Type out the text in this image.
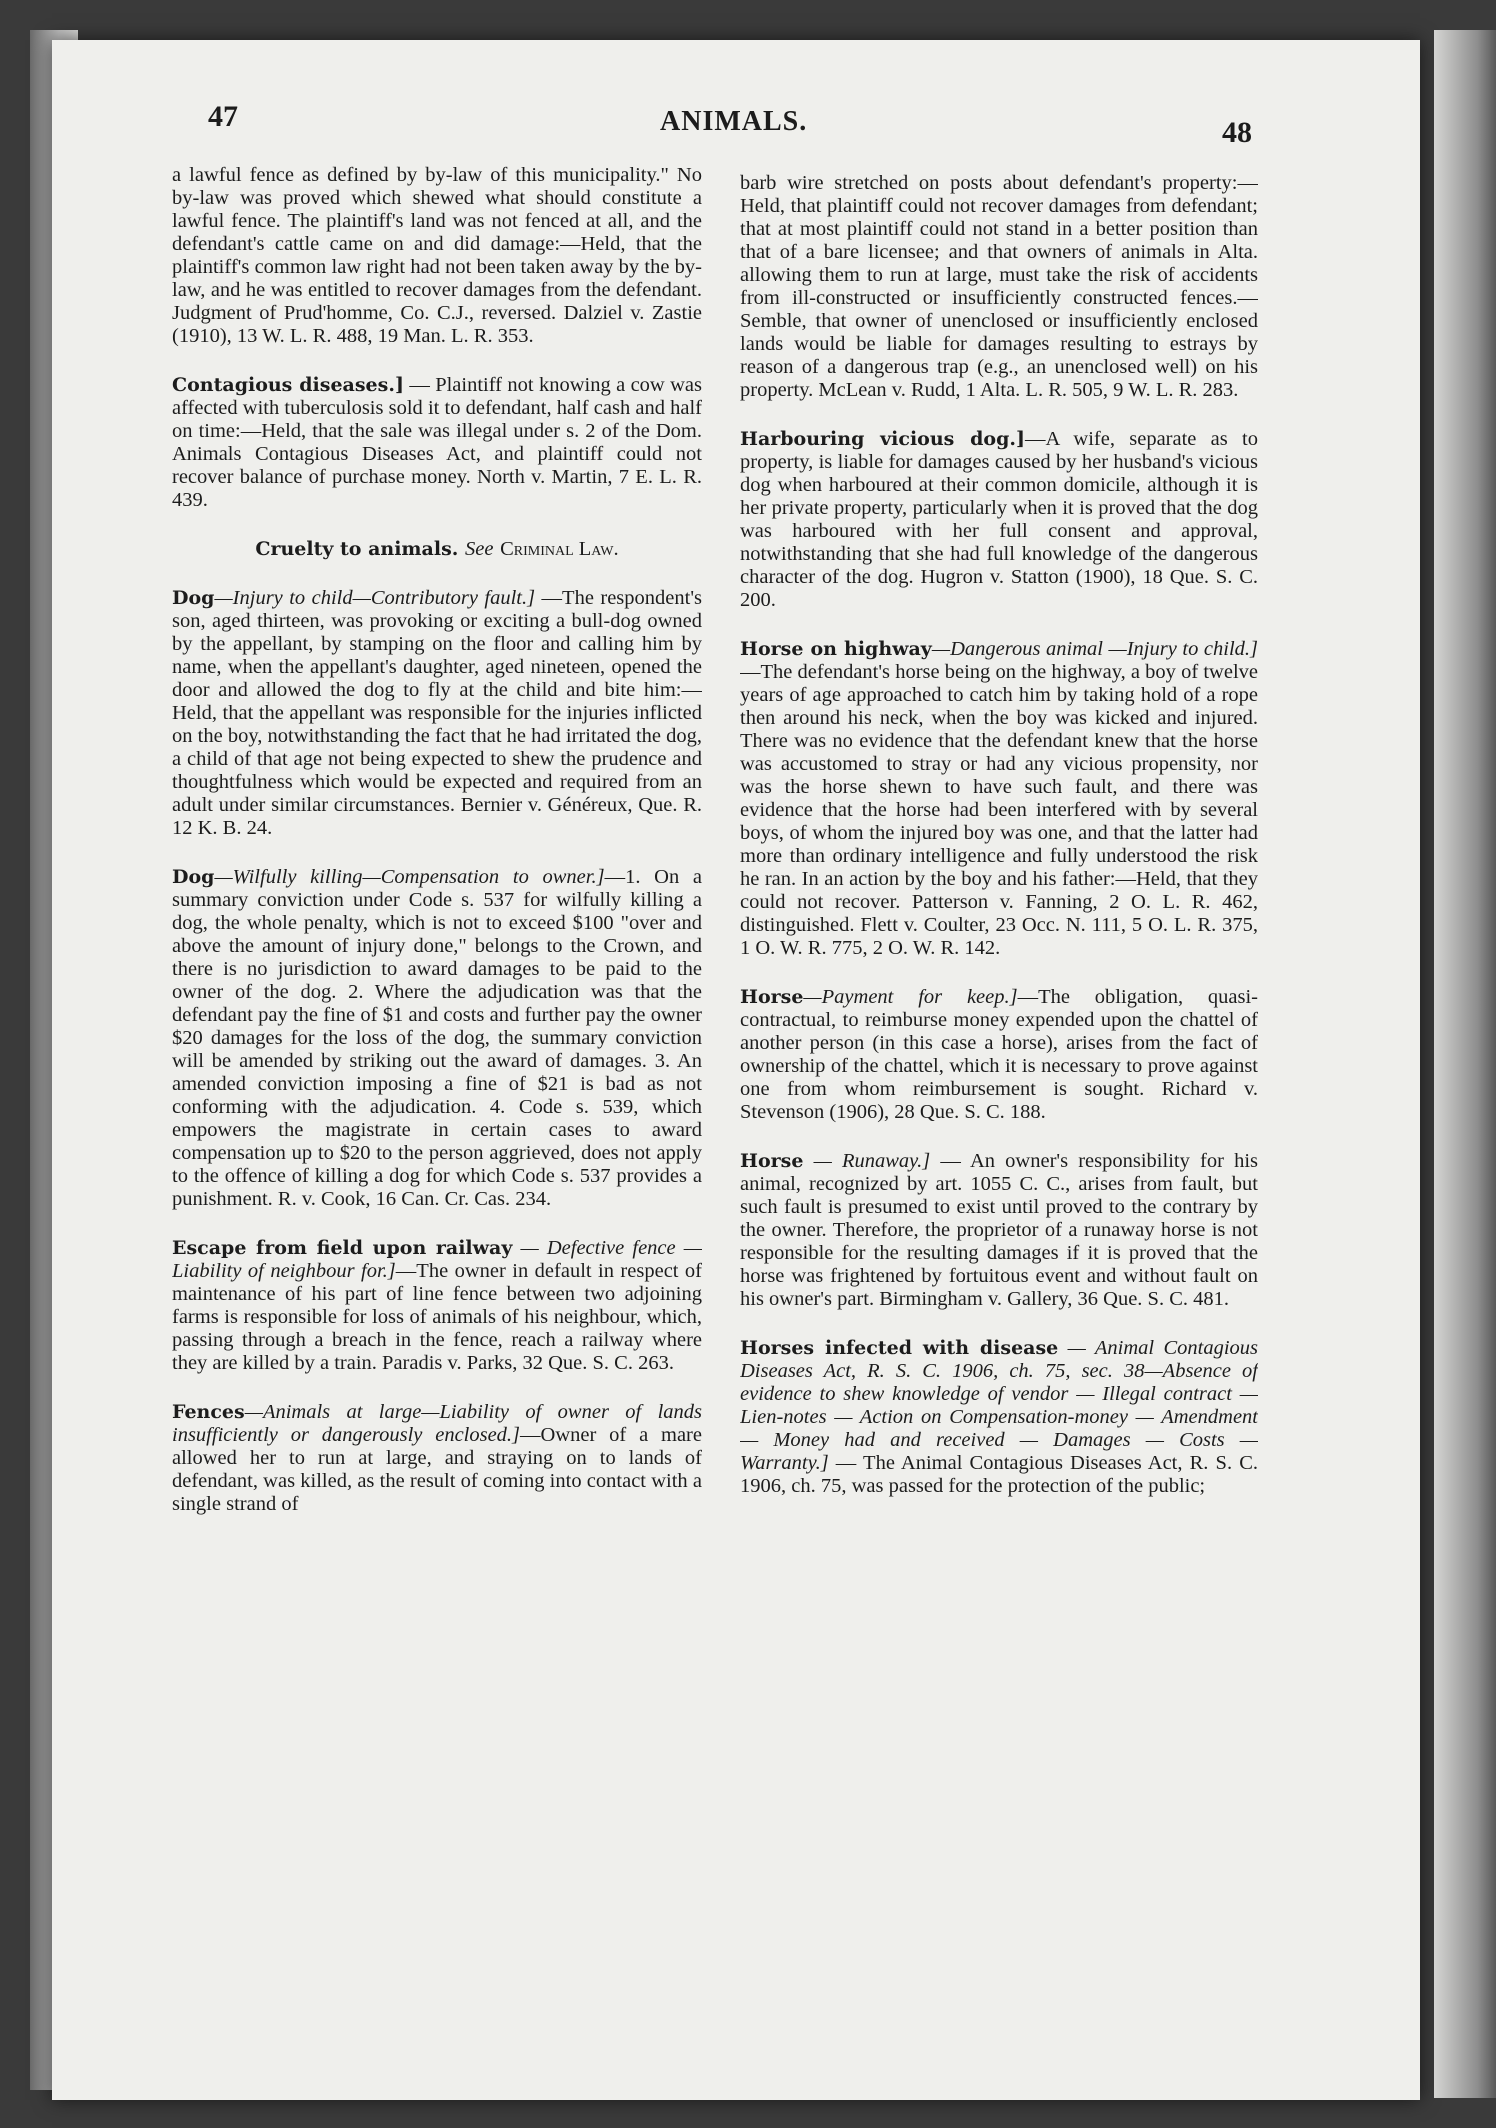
47	ANIMALS.	48

a lawful fence as defined by by-law of this municipality." No by-law was proved which shewed what should constitute a lawful fence. The plaintiff's land was not fenced at all, and the defendant's cattle came on and did damage:—Held, that the plaintiff's common law right had not been taken away by the by-law, and he was entitled to recover damages from the defendant. Judgment of Prud'homme, Co. C.J., reversed. Dalziel v. Zastie (1910), 13 W. L. R. 488, 19 Man. L. R. 353.

Contagious diseases.] — Plaintiff not knowing a cow was affected with tuberculosis sold it to defendant, half cash and half on time:—Held, that the sale was illegal under s. 2 of the Dom. Animals Contagious Diseases Act, and plaintiff could not recover balance of purchase money. North v. Martin, 7 E. L. R. 439.

Cruelty to animals. See Criminal Law.

Dog—Injury to child—Contributory fault.] —The respondent's son, aged thirteen, was provoking or exciting a bull-dog owned by the appellant, by stamping on the floor and calling him by name, when the appellant's daughter, aged nineteen, opened the door and allowed the dog to fly at the child and bite him:—Held, that the appellant was responsible for the injuries inflicted on the boy, notwithstanding the fact that he had irritated the dog, a child of that age not being expected to shew the prudence and thoughtfulness which would be expected and required from an adult under similar circumstances. Bernier v. Généreux, Que. R. 12 K. B. 24.

Dog—Wilfully killing—Compensation to owner.]—1. On a summary conviction under Code s. 537 for wilfully killing a dog, the whole penalty, which is not to exceed $100 "over and above the amount of injury done," belongs to the Crown, and there is no jurisdiction to award damages to be paid to the owner of the dog. 2. Where the adjudication was that the defendant pay the fine of $1 and costs and further pay the owner $20 damages for the loss of the dog, the summary conviction will be amended by striking out the award of damages. 3. An amended conviction imposing a fine of $21 is bad as not conforming with the adjudication. 4. Code s. 539, which empowers the magistrate in certain cases to award compensation up to $20 to the person aggrieved, does not apply to the offence of killing a dog for which Code s. 537 provides a punishment. R. v. Cook, 16 Can. Cr. Cas. 234.

Escape from field upon railway — Defective fence — Liability of neighbour for.]—The owner in default in respect of maintenance of his part of line fence between two adjoining farms is responsible for loss of animals of his neighbour, which, passing through a breach in the fence, reach a railway where they are killed by a train. Paradis v. Parks, 32 Que. S. C. 263.

Fences—Animals at large—Liability of owner of lands insufficiently or dangerously enclosed.]—Owner of a mare allowed her to run at large, and straying on to lands of defendant, was killed, as the result of coming into contact with a single strand of

barb wire stretched on posts about defendant's property:—Held, that plaintiff could not recover damages from defendant; that at most plaintiff could not stand in a better position than that of a bare licensee; and that owners of animals in Alta. allowing them to run at large, must take the risk of accidents from ill-constructed or insufficiently constructed fences.—Semble, that owner of unenclosed or insufficiently enclosed lands would be liable for damages resulting to estrays by reason of a dangerous trap (e.g., an unenclosed well) on his property. McLean v. Rudd, 1 Alta. L. R. 505, 9 W. L. R. 283.

Harbouring vicious dog.]—A wife, separate as to property, is liable for damages caused by her husband's vicious dog when harboured at their common domicile, although it is her private property, particularly when it is proved that the dog was harboured with her full consent and approval, notwithstanding that she had full knowledge of the dangerous character of the dog. Hugron v. Statton (1900), 18 Que. S. C. 200.

Horse on highway—Dangerous animal —Injury to child.]—The defendant's horse being on the highway, a boy of twelve years of age approached to catch him by taking hold of a rope then around his neck, when the boy was kicked and injured. There was no evidence that the defendant knew that the horse was accustomed to stray or had any vicious propensity, nor was the horse shewn to have such fault, and there was evidence that the horse had been interfered with by several boys, of whom the injured boy was one, and that the latter had more than ordinary intelligence and fully understood the risk he ran. In an action by the boy and his father:—Held, that they could not recover. Patterson v. Fanning, 2 O. L. R. 462, distinguished. Flett v. Coulter, 23 Occ. N. 111, 5 O. L. R. 375, 1 O. W. R. 775, 2 O. W. R. 142.

Horse—Payment for keep.]—The obligation, quasi-contractual, to reimburse money expended upon the chattel of another person (in this case a horse), arises from the fact of ownership of the chattel, which it is necessary to prove against one from whom reimbursement is sought. Richard v. Stevenson (1906), 28 Que. S. C. 188.

Horse — Runaway.] — An owner's responsibility for his animal, recognized by art. 1055 C. C., arises from fault, but such fault is presumed to exist until proved to the contrary by the owner. Therefore, the proprietor of a runaway horse is not responsible for the resulting damages if it is proved that the horse was frightened by fortuitous event and without fault on his owner's part. Birmingham v. Gallery, 36 Que. S. C. 481.

Horses infected with disease — Animal Contagious Diseases Act, R. S. C. 1906, ch. 75, sec. 38—Absence of evidence to shew knowledge of vendor — Illegal contract — Lien-notes — Action on Compensation-money — Amendment — Money had and received — Damages — Costs — Warranty.] — The Animal Contagious Diseases Act, R. S. C. 1906, ch. 75, was passed for the protection of the public;
